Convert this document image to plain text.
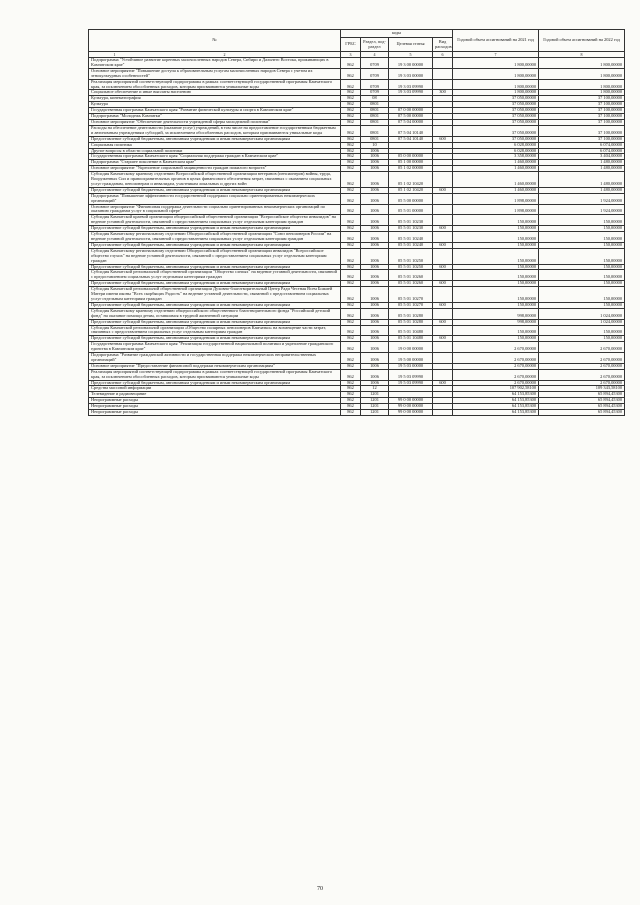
№	коды				Годовой объем ассигнований на 2021 год	Годовой объем ассигнований на 2022 год
	ГРБС	Раздел, под-раздел	Целевая статья	Вид расходов		
1 2	3	4	5	6	7	8
Подпрограмма "Устойчивое развитие коренных малочисленных народов Севера, Сибири и Дальнего Востока, проживающих в Камчатском крае"	862	0709	19 3 00 00000		1 800,00000	1 800,00000
Основное мероприятие "Повышение доступа к образовательным услугам малочисленных народов Севера с учетом их этнокультурных особенностей"	862	0709	19 3 03 00000		1 800,00000	1 800,00000
Реализация мероприятий соответствующей подпрограммы в рамках соответствующей государственной программы Камчатского края, за исключением обособленных расходов, которым присваиваются уникальные коды	862	0709	19 3 03 09990		1 800,00000	1 800,00000
Социальное обеспечение и иные выплаты населению	862	0709	19 3 03 09990	300	1 800,00000	1 800,00000
Культура, кинематография	862	08			37 050,00000	37 100,00000
Культура	862	0801			37 050,00000	37 100,00000
Государственная программа Камчатского края "Развитие физической культуры и спорта в Камчатском крае"	862	0801	07 0 00 00000		37 050,00000	37 100,00000
Подпрограмма "Молодежь Камчатки"	862	0801	07 5 00 00000		37 050,00000	37 100,00000
Основное мероприятие "Обеспечение деятельности учреждений сферы молодежной политики"	862	0801	07 5 04 00000		37 050,00000	37 100,00000
Расходы на обеспечение деятельности (оказание услуг) учреждений, в том числе на предоставление государственным бюджетным и автономным учреждениям субсидий, за исключением обособленных расходов, которым присваиваются уникальные коды	862	0801	07 5 04 10140		37 050,00000	37 100,00000
Предоставление субсидий бюджетным, автономным учреждениям и иным некоммерческим организациям	862	0801	07 5 04 10140	600	37 050,00000	37 100,00000
Социальная политика	862	10			6 028,00000	6 074,00000
Другие вопросы в области социальной политики	862	1006			6 028,00000	6 074,00000
Государственная программа Камчатского края "Социальная поддержка граждан в Камчатском крае"	862	1006	05 0 00 00000		3 358,00000	3 404,00000
Подпрограмма "Старшее поколение в Камчатском крае"	862	1006	05 1 00 00000		1 460,00000	1 480,00000
Основное мероприятие "Укрепление социальной защищенности граждан пожилого возраста"	862	1006	05 1 02 00000		1 460,00000	1 480,00000
Субсидия Камчатскому краевому отделению Всероссийской общественной организации ветеранов (пенсионеров) войны, труда, Вооруженных Сил и правоохранительных органов в целях финансового обеспечения затрат, связанных с оказанием социальных услуг гражданам, пенсионерам и инвалидам, участникам локальных и других войн	862	1006	05 1 02 10420		1 460,00000	1 480,00000
Предоставление субсидий бюджетным, автономным учреждениям и иным некоммерческим организациям	862	1006	05 1 02 10420	600	1 460,00000	1 480,00000
Подпрограмма "Повышение эффективности государственной поддержки социально ориентированных некоммерческих организаций"	862	1006	05 5 00 00000		1 898,00000	1 924,00000
Основное мероприятие "Финансовая поддержка деятельности социально ориентированных некоммерческих организаций по оказанию гражданам услуг в социальной сфере"	862	1006	05 5 01 00000		1 898,00000	1 924,00000
Субсидия Камчатской краевой организации общероссийской общественной организации "Всероссийское общество инвалидов" на ведение уставной деятельности, связанной с предоставлением социальных услуг отдельным категориям граждан	862	1006	05 5 01 10230		150,00000	150,00000
Предоставление субсидий бюджетным, автономным учреждениям и иным некоммерческим организациям	862	1006	05 5 01 10230	600	150,00000	150,00000
Субсидия Камчатскому региональному отделению Общероссийской общественной организации "Союз пенсионеров России" на ведение уставной деятельности, связанной с предоставлением социальных услуг отдельным категориям граждан	862	1006	05 5 01 10240		150,00000	150,00000
Предоставление субсидий бюджетным, автономным учреждениям и иным некоммерческим организациям	862	1006	05 5 01 10240	600	150,00000	150,00000
Субсидия Камчатскому региональному отделению Общероссийской общественной организации инвалидов "Всероссийское общество глухих" на ведение уставной деятельности, связанной с предоставлением социальных услуг отдельным категориям граждан	862	1006	05 5 01 10250		150,00000	150,00000
Предоставление субсидий бюджетным, автономным учреждениям и иным некоммерческим организациям	862	1006	05 5 01 10250	600	150,00000	150,00000
Субсидия Камчатской региональной общественной организации "Общество слепых" на ведение уставной деятельности, связанной с предоставлением социальных услуг отдельным категориям граждан	862	1006	05 5 01 10260		150,00000	150,00000
Предоставление субсидий бюджетным, автономным учреждениям и иным некоммерческим организациям	862	1006	05 5 01 10260	600	150,00000	150,00000
Субсидия Камчатской региональной общественной организации Духовно-благотворительный Центр Ради Честная Всем Божией Матери имени иконы "Всех скорбящих Радость" на ведение уставной деятельности, связанной с предоставлением социальных услуг отдельным категориям граждан	862	1006	05 5 01 10270		150,00000	150,00000
Предоставление субсидий бюджетным, автономным учреждениям и иным некоммерческим организациям	862	1006	05 5 01 10270	600	150,00000	150,00000
Субсидия Камчатскому краевому отделению общероссийского общественного благотворительного фонда "Российский детский фонд" на оказание помощи детям, оставшимся в трудной жизненной ситуации	862	1006	05 5 01 10280		998,00000	1 024,00000
Предоставление субсидий бюджетным, автономным учреждениям и иным некоммерческим организациям	862	1006	05 5 01 10280	600	998,00000	1 024,00000
Субсидия Камчатской региональной организации «Общество полярных пенсионеров Камчатки» на возмещение части затрат, связанных с предоставлением социальных услуг отдельным категориям граждан	862	1006	05 5 01 10480		150,00000	150,00000
Предоставление субсидий бюджетным, автономным учреждениям и иным некоммерческим организациям	862	1006	05 5 01 10480	600	150,00000	150,00000
Государственная программа Камчатского края "Реализация государственной национальной политики и укрепление гражданского единства в Камчатском крае"	862	1006	19 0 00 00000		2 670,00000	2 670,00000
Подпрограмма "Развитие гражданской активности и государственная поддержка некоммерческих неправительственных организаций"	862	1006	19 5 00 00000		2 670,00000	2 670,00000
Основное мероприятие "Предоставление финансовой поддержки некоммерческим организациям"	862	1006	19 5 03 00000		2 670,00000	2 670,00000
Реализация мероприятий соответствующей подпрограммы в рамках соответствующей государственной программы Камчатского края, за исключением обособленных расходов, которым присваиваются уникальные коды	862	1006	19 5 03 09990		2 670,00000	2 670,00000
Предоставление субсидий бюджетным, автономным учреждениям и иным некоммерческим организациям	862	1006	19 5 03 09990	600	2 670,00000	2 670,00000
Средства массовой информации	862	12			107 902,58100	109 343,58100
Телевидение и радиовещание	862	1201			64 153,85300	65 894,45300
Непрограммные расходы	862	1201	99 0 00 00000		64 153,85300	65 894,45300
Непрограммные расходы	862	1201	99 0 00 00000		64 153,85300	65 894,45300
Непрограммные расходы	862	1201	99 0 00 00000		64 153,85300	65 894,45300
70
